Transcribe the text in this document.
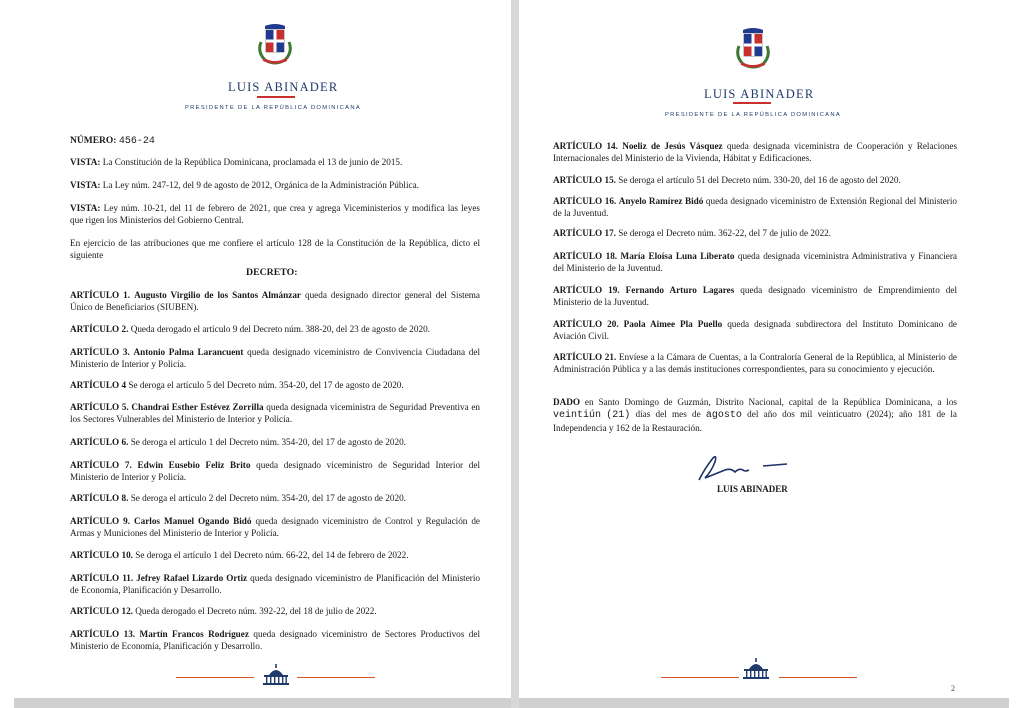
LUIS ABINADER
PRESIDENTE DE LA REPÚBLICA DOMINICANA
NÚMERO: 456-24
VISTA: La Constitución de la República Dominicana, proclamada el 13 de junio de 2015.
VISTA: La Ley núm. 247-12, del 9 de agosto de 2012, Orgánica de la Administración Pública.
VISTA: Ley núm. 10-21, del 11 de febrero de 2021, que crea y agrega Viceministerios y modifica las leyes que rigen los Ministerios del Gobierno Central.
En ejercicio de las atribuciones que me confiere el artículo 128 de la Constitución de la República, dicto el siguiente
DECRETO:
ARTÍCULO 1. Augusto Virgilio de los Santos Almánzar queda designado director general del Sistema Único de Beneficiarios (SIUBEN).
ARTÍCULO 2. Queda derogado el artículo 9 del Decreto núm. 388-20, del 23 de agosto de 2020.
ARTÍCULO 3. Antonio Palma Larancuent queda designado viceministro de Convivencia Ciudadana del Ministerio de Interior y Policía.
ARTÍCULO 4 Se deroga el artículo 5 del Decreto núm. 354-20, del 17 de agosto de 2020.
ARTÍCULO 5. Chandrai Esther Estévez Zorrilla queda designada viceministra de Seguridad Preventiva en los Sectores Vulnerables del Ministerio de Interior y Policía.
ARTÍCULO 6. Se deroga el artículo 1 del Decreto núm. 354-20, del 17 de agosto de 2020.
ARTÍCULO 7. Edwin Eusebio Feliz Brito queda designado viceministro de Seguridad Interior del Ministerio de Interior y Policía.
ARTÍCULO 8. Se deroga el artículo 2 del Decreto núm. 354-20, del 17 de agosto de 2020.
ARTÍCULO 9. Carlos Manuel Ogando Bidó queda designado viceministro de Control y Regulación de Armas y Municiones del Ministerio de Interior y Policía.
ARTÍCULO 10. Se deroga el artículo 1 del Decreto núm. 66-22, del 14 de febrero de 2022.
ARTÍCULO 11. Jefrey Rafael Lizardo Ortiz queda designado viceministro de Planificación del Ministerio de Economía, Planificación y Desarrollo.
ARTÍCULO 12. Queda derogado el Decreto núm. 392-22, del 18 de julio de 2022.
ARTÍCULO 13. Martín Francos Rodríguez queda designado viceministro de Sectores Productivos del Ministerio de Economía, Planificación y Desarrollo.
LUIS ABINADER
PRESIDENTE DE LA REPÚBLICA DOMINICANA
ARTÍCULO 14. Noeliz de Jesús Vásquez queda designada viceministra de Cooperación y Relaciones Internacionales del Ministerio de la Vivienda, Hábitat y Edificaciones.
ARTÍCULO 15. Se deroga el artículo 51 del Decreto núm. 330-20, del 16 de agosto del 2020.
ARTÍCULO 16. Anyelo Ramírez Bidó queda designado viceministro de Extensión Regional del Ministerio de la Juventud.
ARTÍCULO 17. Se deroga el Decreto núm. 362-22, del 7 de julio de 2022.
ARTÍCULO 18. María Eloísa Luna Liberato queda designada viceministra Administrativa y Financiera del Ministerio de la Juventud.
ARTÍCULO 19. Fernando Arturo Lagares queda designado viceministro de Emprendimiento del Ministerio de la Juventud.
ARTÍCULO 20. Paola Aimee Pla Puello queda designada subdirectora del Instituto Dominicano de Aviación Civil.
ARTÍCULO 21. Envíese a la Cámara de Cuentas, a la Contraloría General de la República, al Ministerio de Administración Pública y a las demás instituciones correspondientes, para su conocimiento y ejecución.
DADO en Santo Domingo de Guzmán, Distrito Nacional, capital de la República Dominicana, a los veintiún (21) días del mes de agosto del año dos mil veinticuatro (2024); año 181 de la Independencia y 162 de la Restauración.
LUIS ABINADER
2
